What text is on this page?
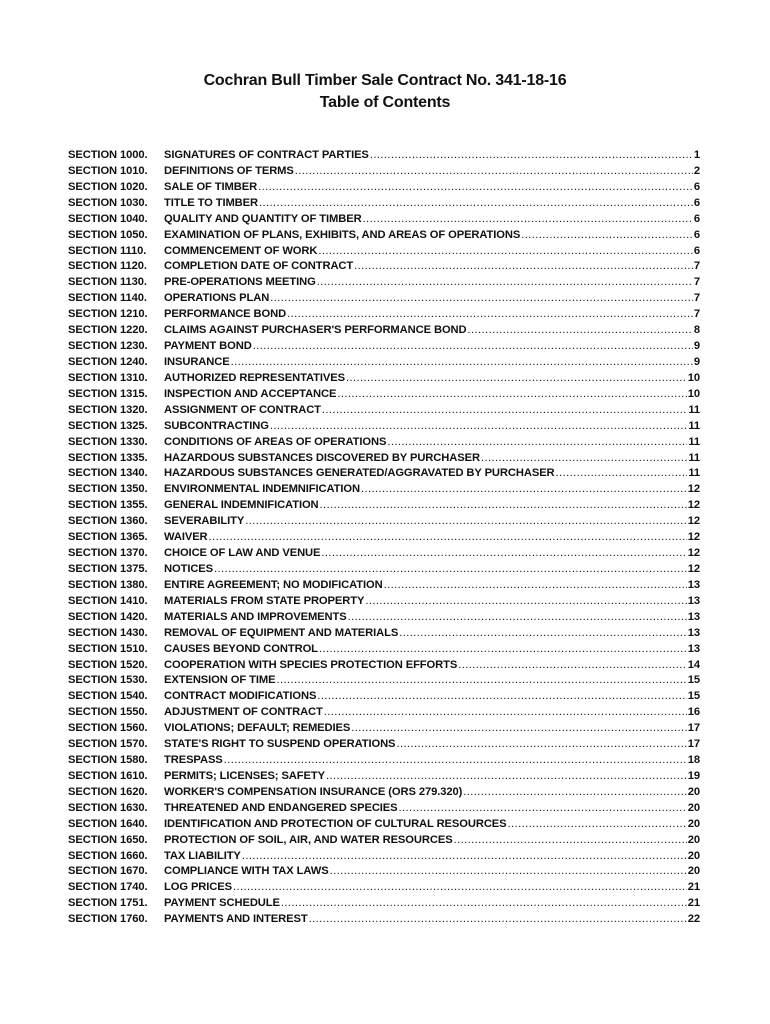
Cochran Bull Timber Sale Contract No. 341-18-16
Table of Contents
SECTION 1000.	SIGNATURES OF CONTRACT PARTIES .....	1
SECTION 1010.	DEFINITIONS OF TERMS .....	2
SECTION 1020.	SALE OF TIMBER .....	6
SECTION 1030.	TITLE TO TIMBER .....	6
SECTION 1040.	QUALITY AND QUANTITY OF TIMBER .....	6
SECTION 1050.	EXAMINATION OF PLANS, EXHIBITS, AND AREAS OF OPERATIONS .....	6
SECTION 1110.	COMMENCEMENT OF WORK .....	6
SECTION 1120.	COMPLETION DATE OF CONTRACT .....	7
SECTION 1130.	PRE-OPERATIONS MEETING .....	7
SECTION 1140.	OPERATIONS PLAN .....	7
SECTION 1210.	PERFORMANCE BOND .....	7
SECTION 1220.	CLAIMS AGAINST PURCHASER'S PERFORMANCE BOND .....	8
SECTION 1230.	PAYMENT BOND .....	9
SECTION 1240.	INSURANCE .....	9
SECTION 1310.	AUTHORIZED REPRESENTATIVES .....	10
SECTION 1315.	INSPECTION AND ACCEPTANCE .....	10
SECTION 1320.	ASSIGNMENT OF CONTRACT .....	11
SECTION 1325.	SUBCONTRACTING .....	11
SECTION 1330.	CONDITIONS OF AREAS OF OPERATIONS .....	11
SECTION 1335.	HAZARDOUS SUBSTANCES DISCOVERED BY PURCHASER .....	11
SECTION 1340.	HAZARDOUS SUBSTANCES GENERATED/AGGRAVATED BY PURCHASER .....	11
SECTION 1350.	ENVIRONMENTAL INDEMNIFICATION .....	12
SECTION 1355.	GENERAL INDEMNIFICATION .....	12
SECTION 1360.	SEVERABILITY .....	12
SECTION 1365.	WAIVER .....	12
SECTION 1370.	CHOICE OF LAW AND VENUE .....	12
SECTION 1375.	NOTICES .....	12
SECTION 1380.	ENTIRE AGREEMENT; NO MODIFICATION .....	13
SECTION 1410.	MATERIALS FROM STATE PROPERTY .....	13
SECTION 1420.	MATERIALS AND IMPROVEMENTS .....	13
SECTION 1430.	REMOVAL OF EQUIPMENT AND MATERIALS .....	13
SECTION 1510.	CAUSES BEYOND CONTROL .....	13
SECTION 1520.	COOPERATION WITH SPECIES PROTECTION EFFORTS .....	14
SECTION 1530.	EXTENSION OF TIME .....	15
SECTION 1540.	CONTRACT MODIFICATIONS .....	15
SECTION 1550.	ADJUSTMENT OF CONTRACT .....	16
SECTION 1560.	VIOLATIONS; DEFAULT; REMEDIES .....	17
SECTION 1570.	STATE'S RIGHT TO SUSPEND OPERATIONS .....	17
SECTION 1580.	TRESPASS .....	18
SECTION 1610.	PERMITS; LICENSES; SAFETY .....	19
SECTION 1620.	WORKER'S COMPENSATION INSURANCE (ORS 279.320) .....	20
SECTION 1630.	THREATENED AND ENDANGERED SPECIES .....	20
SECTION 1640.	IDENTIFICATION AND PROTECTION OF CULTURAL RESOURCES .....	20
SECTION 1650.	PROTECTION OF SOIL, AIR, AND WATER RESOURCES .....	20
SECTION 1660.	TAX LIABILITY .....	20
SECTION 1670.	COMPLIANCE WITH TAX LAWS .....	20
SECTION 1740.	LOG PRICES .....	21
SECTION 1751.	PAYMENT SCHEDULE .....	21
SECTION 1760.	PAYMENTS AND INTEREST .....	22
